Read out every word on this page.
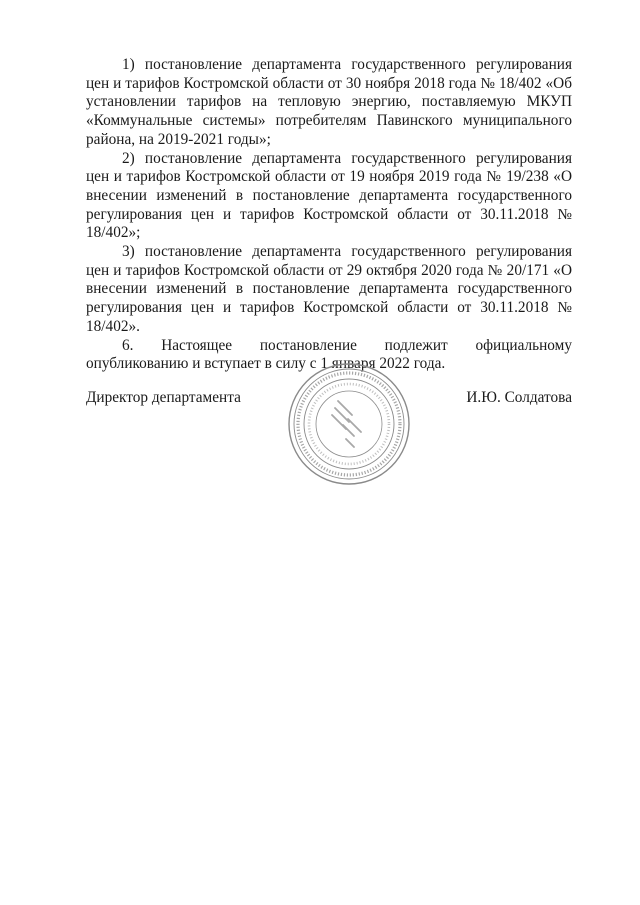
1) постановление департамента государственного регулирования цен и тарифов Костромской области от 30 ноября 2018 года № 18/402 «Об установлении тарифов на тепловую энергию, поставляемую МКУП «Коммунальные системы» потребителям Павинского муниципального района, на 2019-2021 годы»;

2) постановление департамента государственного регулирования цен и тарифов Костромской области от 19 ноября 2019 года № 19/238 «О внесении изменений в постановление департамента государственного регулирования цен и тарифов Костромской области от 30.11.2018 № 18/402»;

3) постановление департамента государственного регулирования цен и тарифов Костромской области от 29 октября 2020 года № 20/171 «О внесении изменений в постановление департамента государственного регулирования цен и тарифов Костромской области от 30.11.2018 № 18/402».

6. Настоящее постановление подлежит официальному опубликованию и вступает в силу с 1 января 2022 года.

Директор департамента	И.Ю. Солдатова
